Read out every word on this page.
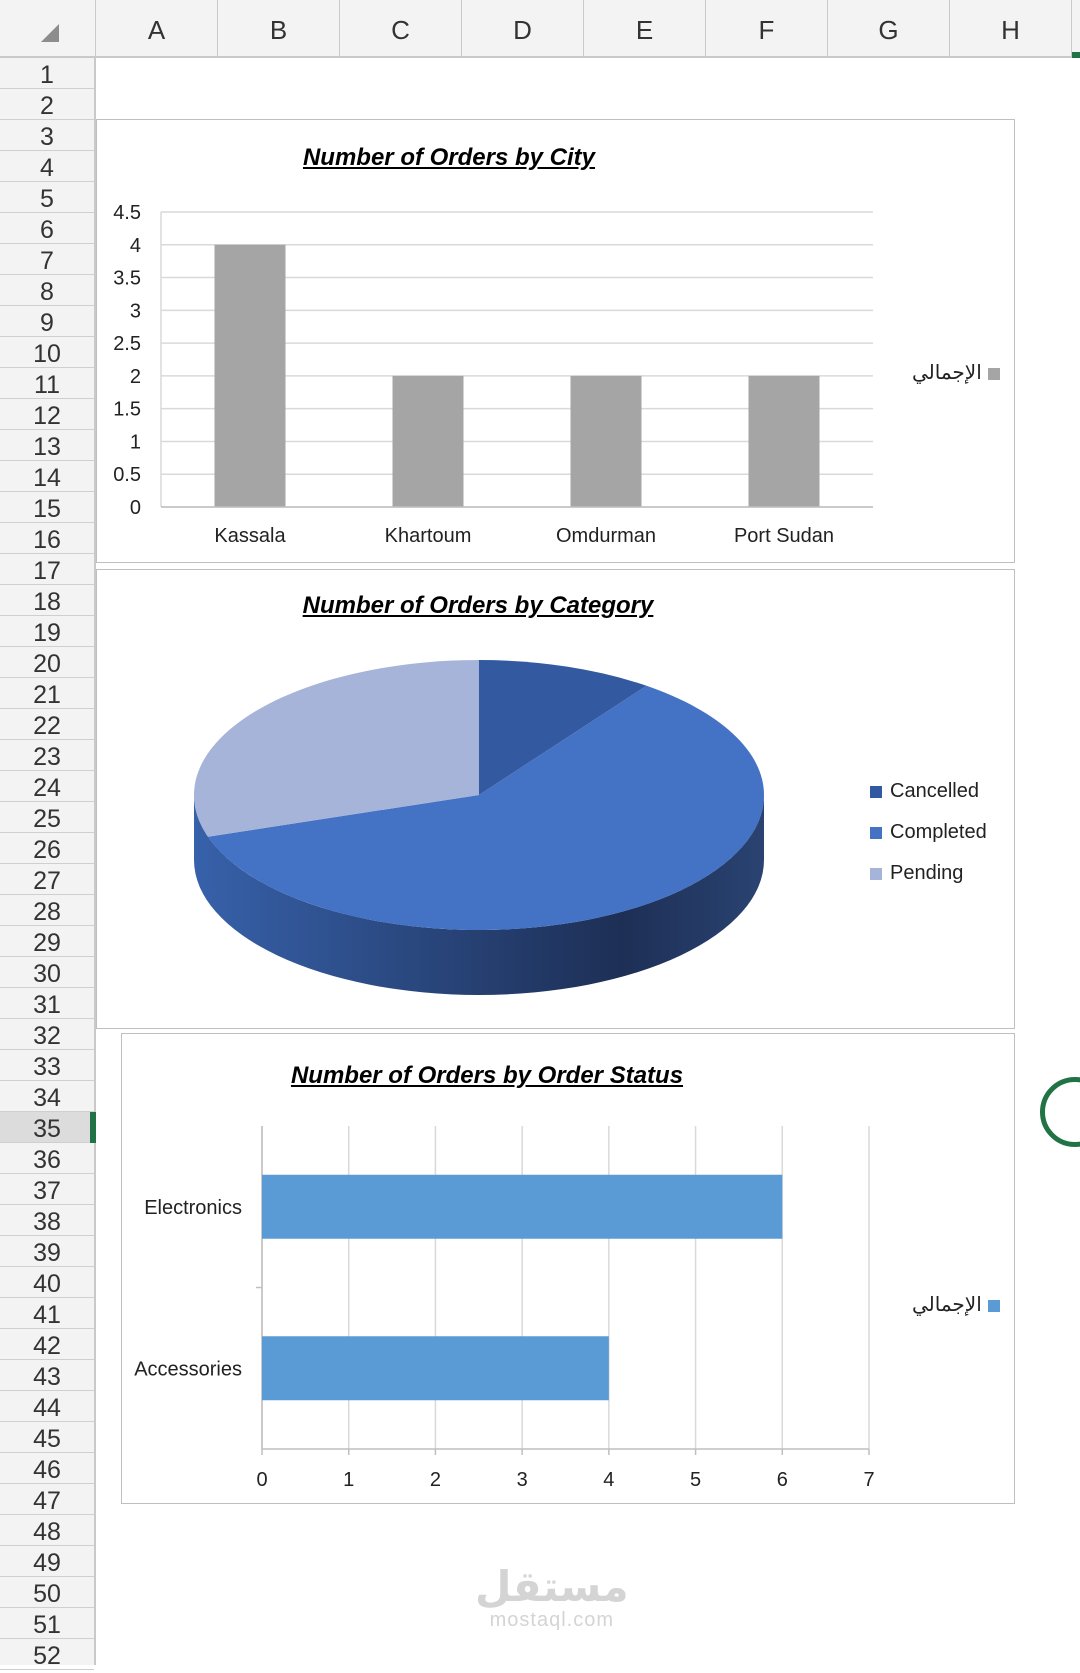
A	B	C	D	E	F	G	H
1
2
3
4
5
6
7
8
9
10
11
12
13
14
15
16
17
18
19
20
21
22
23
24
25
26
27
28
29
30
31
32
33
34
35
36
37
38
39
40
41
42
43
44
45
46
47
48
49
50
51
52
Number of Orders by City
0
0.5
1
1.5
2
2.5
3
3.5
4
4.5
Kassala	Khartoum	Omdurman	Port Sudan
الإجمالي
Number of Orders by Category
Cancelled
Completed
Pending
Number of Orders by Order Status
0	1	2	3	4	5	6	7
Electronics
Accessories
الإجمالي
مستقل
mostaql.com
